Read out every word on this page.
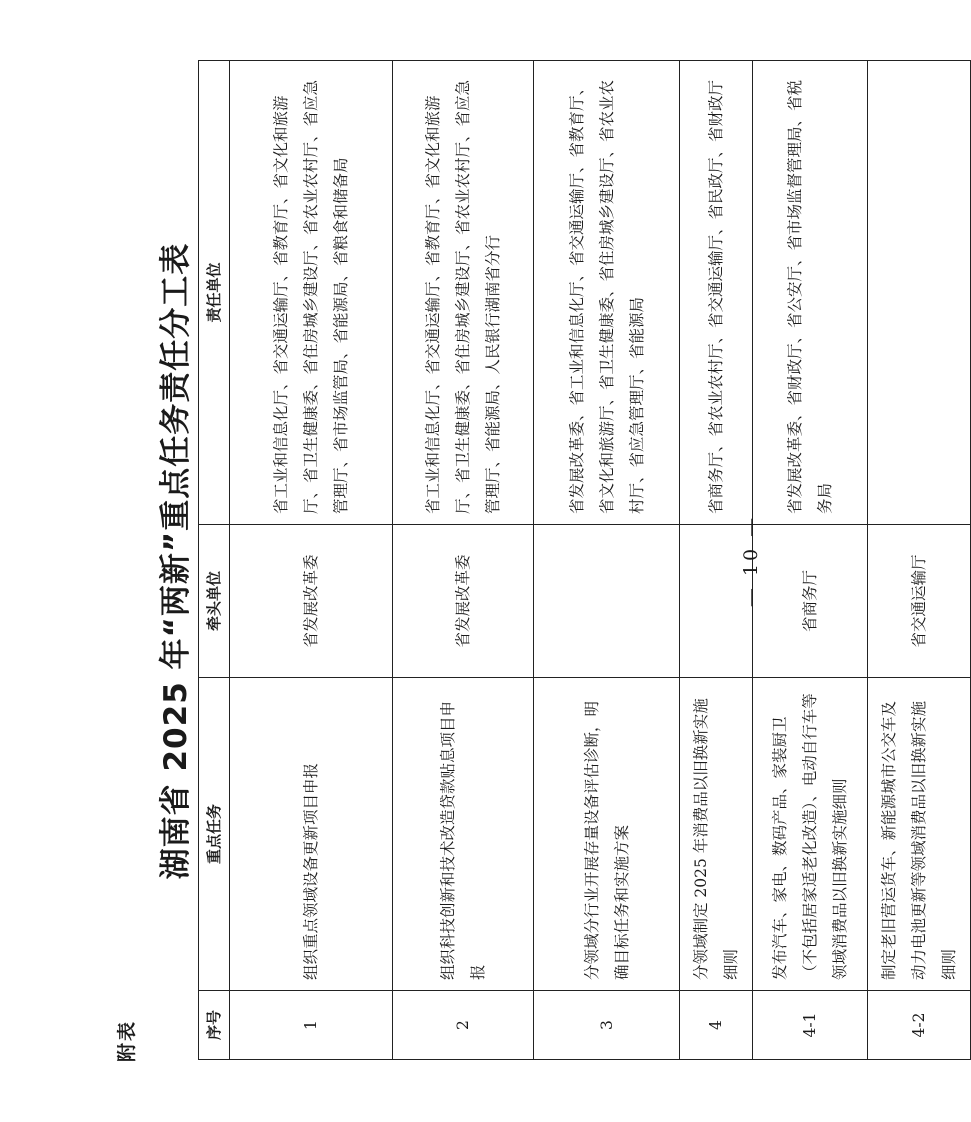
附表
湖南省 2025 年“两新”重点任务责任分工表
序号	重点任务	牵头单位	责任单位
1	组织重点领域设备更新项目申报	省发展改革委	省工业和信息化厅、省交通运输厅、省教育厅、省文化和旅游厅、省卫生健康委、省住房城乡建设厅、省农业农村厅、省应急管理厅、省市场监管局、省能源局、省粮食和储备局
2	组织科技创新和技术改造贷款贴息项目申报	省发展改革委	省工业和信息化厅、省交通运输厅、省教育厅、省文化和旅游厅、省卫生健康委、省住房城乡建设厅、省农业农村厅、省应急管理厅、省能源局、人民银行湖南省分行
3	分领域分行业开展存量设备评估诊断，明确目标任务和实施方案		省发展改革委、省工业和信息化厅、省交通运输厅、省教育厅、省文化和旅游厅、省卫生健康委、省住房城乡建设厅、省农业农村厅、省应急管理厅、省能源局
4	分领域制定 2025 年消费品以旧换新实施细则		省商务厅、省农业农村厅、省交通运输厅、省民政厅、省财政厅
4-1	发布汽车、家电、数码产品、家装厨卫（不包括居家适老化改造）、电动自行车等领域消费品以旧换新实施细则	省商务厅	省发展改革委、省财政厅、省公安厅、省市场监督管理局、省税务局
4-2	制定老旧营运货车、新能源城市公交车及动力电池更新等领域消费品以旧换新实施细则	省交通运输厅	
— 10 —
